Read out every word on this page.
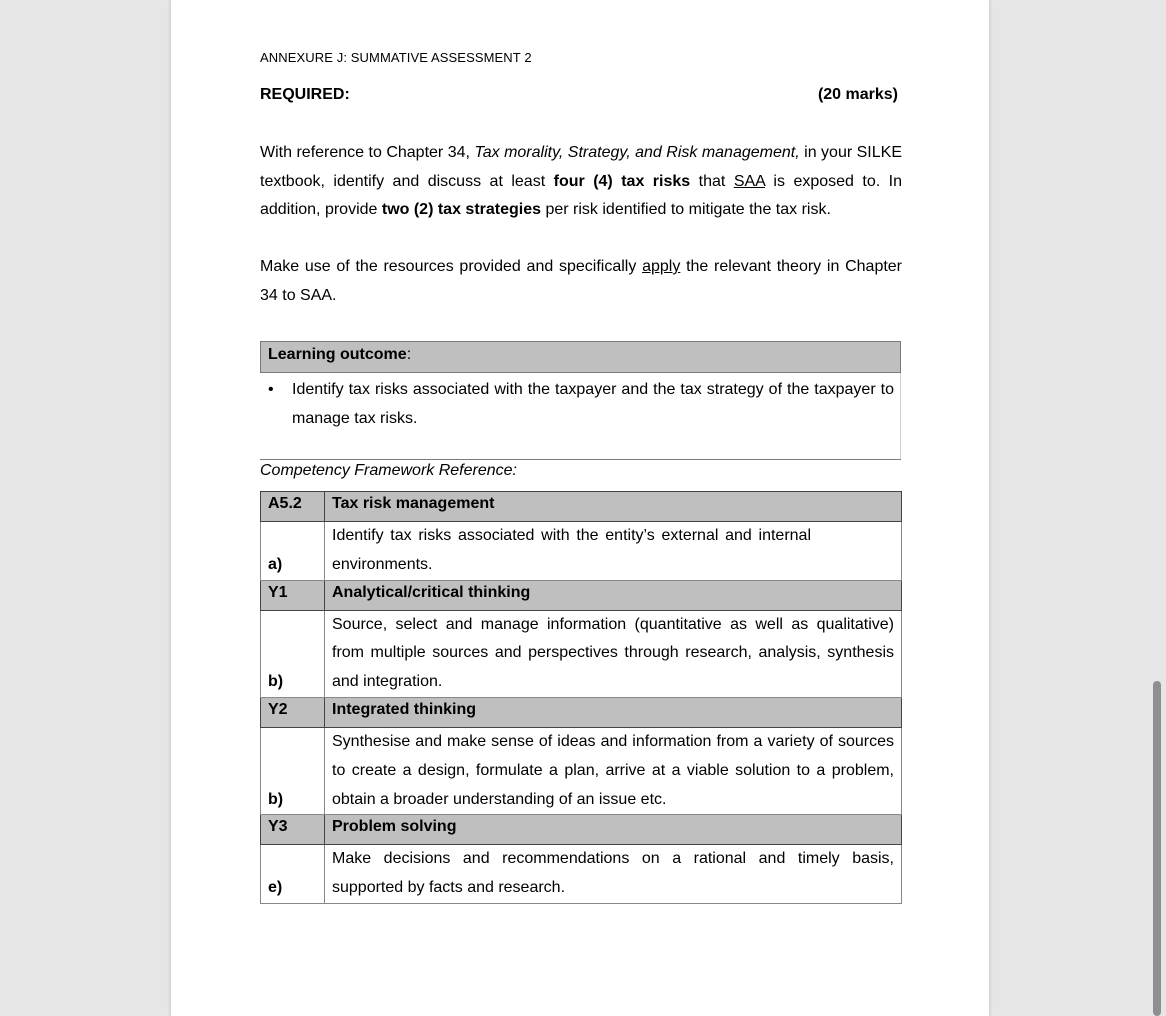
ANNEXURE J: SUMMATIVE ASSESSMENT 2
REQUIRED:	(20 marks)
With reference to Chapter 34, Tax morality, Strategy, and Risk management, in your SILKE textbook, identify and discuss at least four (4) tax risks that SAA is exposed to. In addition, provide two (2) tax strategies per risk identified to mitigate the tax risk.
Make use of the resources provided and specifically apply the relevant theory in Chapter 34 to SAA.
Learning outcome:
• Identify tax risks associated with the taxpayer and the tax strategy of the taxpayer to manage tax risks.
Competency Framework Reference:
A5.2	Tax risk management
a)	Identify tax risks associated with the entity’s external and internal environments.
Y1	Analytical/critical thinking
b)	Source, select and manage information (quantitative as well as qualitative) from multiple sources and perspectives through research, analysis, synthesis and integration.
Y2	Integrated thinking
b)	Synthesise and make sense of ideas and information from a variety of sources to create a design, formulate a plan, arrive at a viable solution to a problem, obtain a broader understanding of an issue etc.
Y3	Problem solving
e)	Make decisions and recommendations on a rational and timely basis, supported by facts and research.
